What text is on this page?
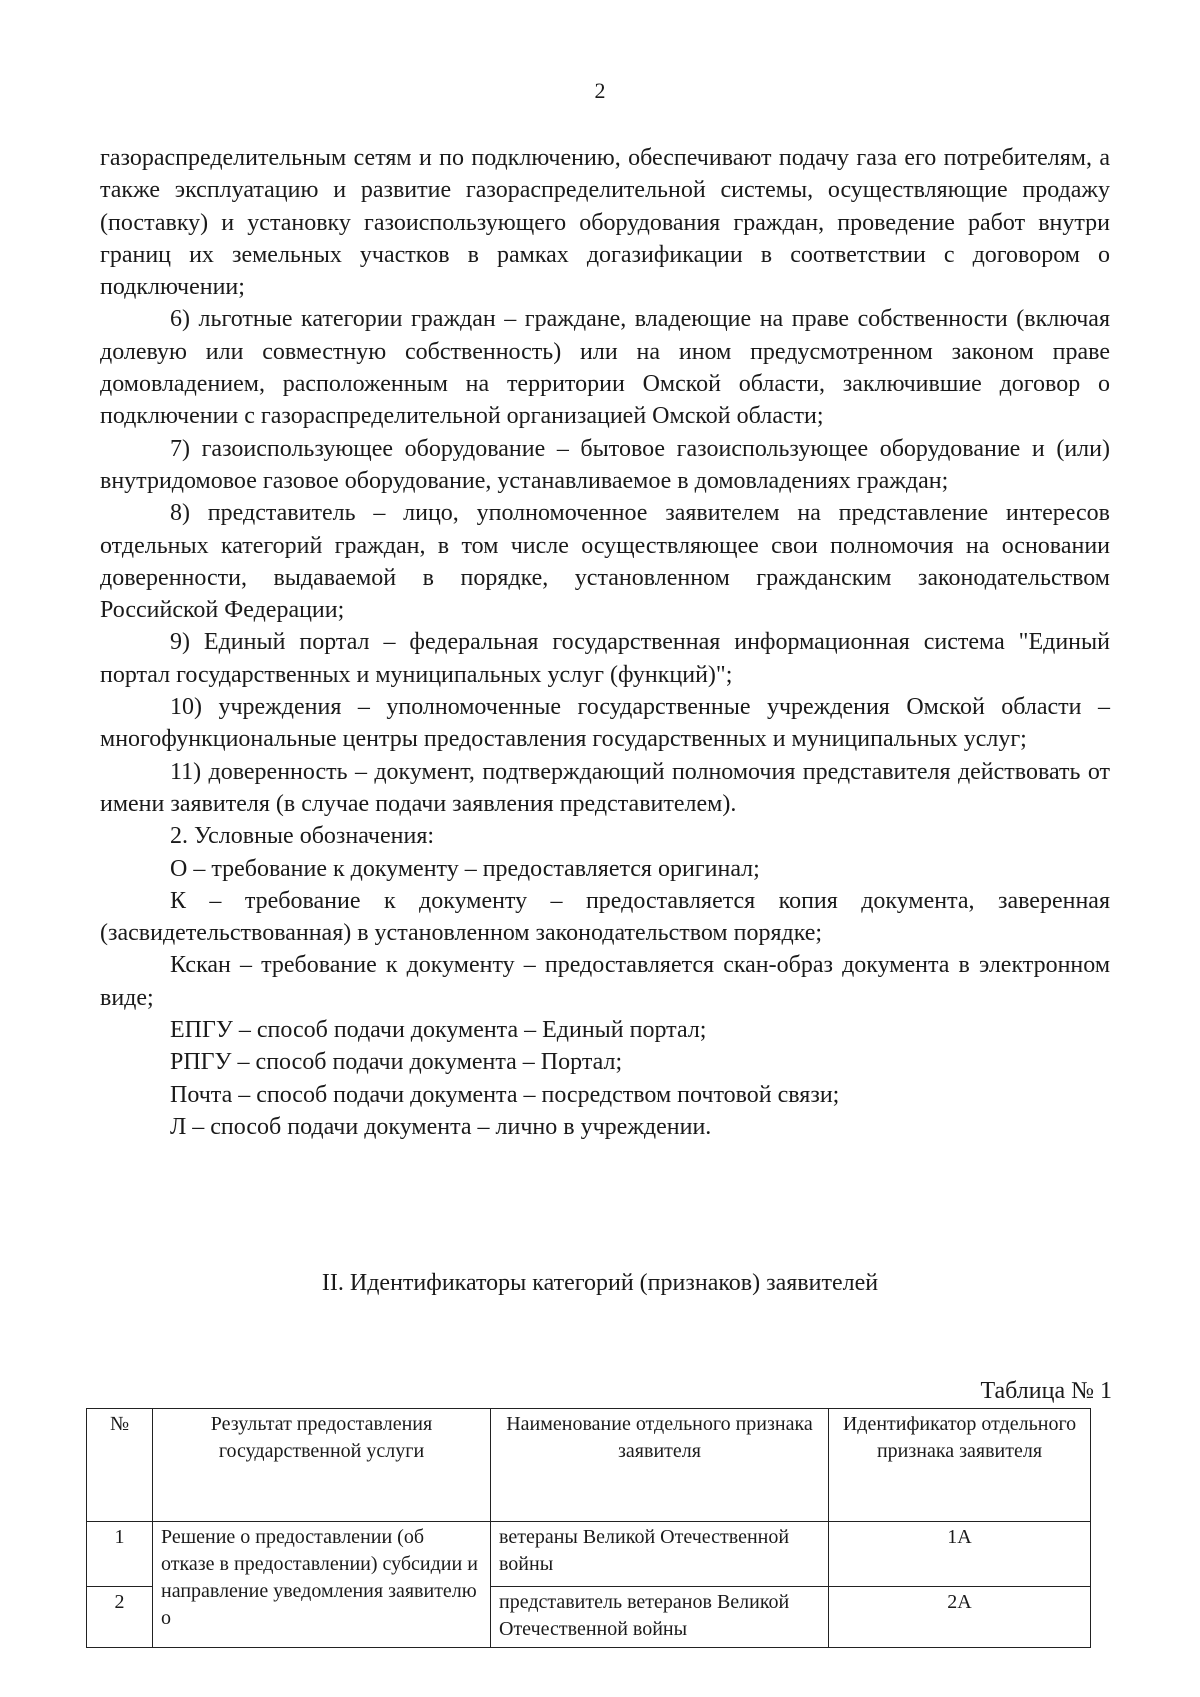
2

газораспределительным сетям и по подключению, обеспечивают подачу газа его потребителям, а также эксплуатацию и развитие газораспределительной системы, осуществляющие продажу (поставку) и установку газоиспользующего оборудования граждан, проведение работ внутри границ их земельных участков в рамках догазификации в соответствии с договором о подключении;

6) льготные категории граждан – граждане, владеющие на праве собственности (включая долевую или совместную собственность) или на ином предусмотренном законом праве домовладением, расположенным на территории Омской области, заключившие договор о подключении с газораспределительной организацией Омской области;

7) газоиспользующее оборудование – бытовое газоиспользующее оборудование и (или) внутридомовое газовое оборудование, устанавливаемое в домовладениях граждан;

8) представитель – лицо, уполномоченное заявителем на представление интересов отдельных категорий граждан, в том числе осуществляющее свои полномочия на основании доверенности, выдаваемой в порядке, установленном гражданским законодательством Российской Федерации;

9) Единый портал – федеральная государственная информационная система "Единый портал государственных и муниципальных услуг (функций)";

10) учреждения – уполномоченные государственные учреждения Омской области – многофункциональные центры предоставления государственных и муниципальных услуг;

11) доверенность – документ, подтверждающий полномочия представителя действовать от имени заявителя (в случае подачи заявления представителем).

2. Условные обозначения:

О – требование к документу – предоставляется оригинал;

К – требование к документу – предоставляется копия документа, заверенная (засвидетельствованная) в установленном законодательством порядке;

Кскан – требование к документу – предоставляется скан-образ документа в электронном виде;

ЕПГУ – способ подачи документа – Единый портал;

РПГУ – способ подачи документа – Портал;

Почта – способ подачи документа – посредством почтовой связи;

Л – способ подачи документа – лично в учреждении.

II. Идентификаторы категорий (признаков) заявителей
Таблица № 1
№	Результат предоставления государственной услуги	Наименование отдельного признака заявителя	Идентификатор отдельного признака заявителя
1	Решение о предоставлении (об отказе в предоставлении) субсидии и направление уведомления заявителю о	ветераны Великой Отечественной войны	1А
2		представитель ветеранов Великой Отечественной войны	2А
